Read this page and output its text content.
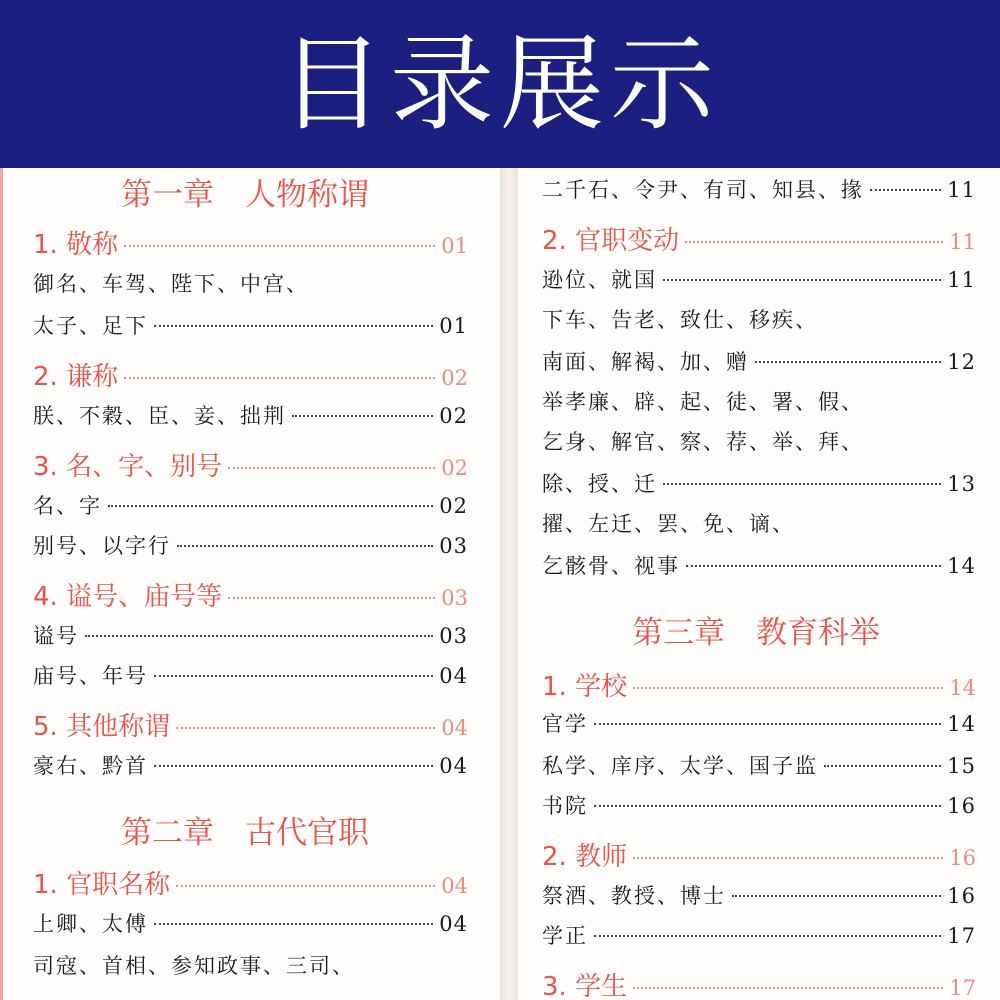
目录展示
第一章　人物称谓
1. 敬称	01
御名、车驾、陛下、中宫、
太子、足下	01
2. 谦称	02
朕、不穀、臣、妾、拙荆	02
3. 名、字、别号	02
名、字	02
别号、以字行	03
4. 谥号、庙号等	03
谥号	03
庙号、年号	04
5. 其他称谓	04
豪右、黔首	04
第二章　古代官职
1. 官职名称	04
上卿、太傅	04
司寇、首相、参知政事、三司、
二千石、令尹、有司、知县、掾	11
2. 官职变动	11
逊位、就国	11
下车、告老、致仕、移疾、
南面、解褐、加、赠	12
举孝廉、辟、起、徒、署、假、
乞身、解官、察、荐、举、拜、
除、授、迁	13
擢、左迁、罢、免、谪、
乞骸骨、视事	14
第三章　教育科举
1. 学校	14
官学	14
私学、庠序、太学、国子监	15
书院	16
2. 教师	16
祭酒、教授、博士	16
学正	17
3. 学生	17
